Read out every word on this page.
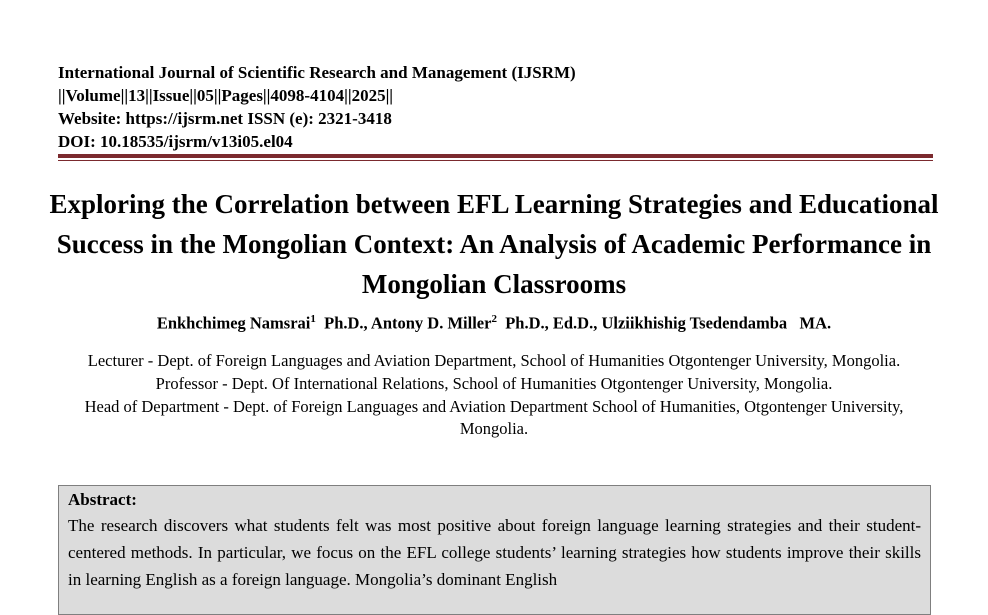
International Journal of Scientific Research and Management (IJSRM)
||Volume||13||Issue||05||Pages||4098-4104||2025||
Website: https://ijsrm.net ISSN (e): 2321-3418
DOI: 10.18535/ijsrm/v13i05.el04
Exploring the Correlation between EFL Learning Strategies and Educational Success in the Mongolian Context: An Analysis of Academic Performance in Mongolian Classrooms
Enkhchimeg Namsrai$^1$ Ph.D., Antony D. Miller$^2$ Ph.D., Ed.D., Ulziikhishig Tsedendamba MA.
Lecturer - Dept. of Foreign Languages and Aviation Department, School of Humanities Otgontenger University, Mongolia.
Professor - Dept. Of International Relations, School of Humanities Otgontenger University, Mongolia.
Head of Department - Dept. of Foreign Languages and Aviation Department School of Humanities, Otgontenger University, Mongolia.
Abstract:
The research discovers what students felt was most positive about foreign language learning strategies and their student-centered methods. In particular, we focus on the EFL college students’ learning strategies how students improve their skills in learning English as a foreign language. Mongolia’s dominant English
